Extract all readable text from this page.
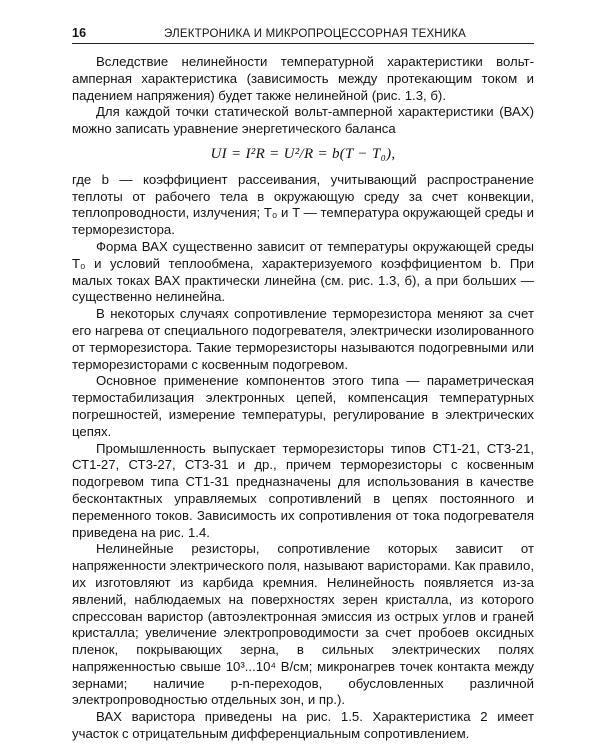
16	ЭЛЕКТРОНИКА И МИКРОПРОЦЕССОРНАЯ ТЕХНИКА

Вследствие нелинейности температурной характеристики вольт-амперная характеристика (зависимость между протекающим током и падением напряжения) будет также нелинейной (рис. 1.3, б).

Для каждой точки статической вольт-амперной характеристики (ВАХ) можно записать уравнение энергетического баланса

UI = I²R = U²/R = b(T − T₀),

где b — коэффициент рассеивания, учитывающий распространение теплоты от рабочего тела в окружающую среду за счет конвекции, теплопроводности, излучения; T₀ и T — температура окружающей среды и терморезистора.

Форма ВАХ существенно зависит от температуры окружающей среды T₀ и условий теплообмена, характеризуемого коэффициентом b. При малых токах ВАХ практически линейна (см. рис. 1.3, б), а при больших — существенно нелинейна.

В некоторых случаях сопротивление терморезистора меняют за счет его нагрева от специального подогревателя, электрически изолированного от терморезистора. Такие терморезисторы называются подогревными или терморезисторами с косвенным подогревом.

Основное применение компонентов этого типа — параметрическая термостабилизация электронных цепей, компенсация температурных погрешностей, измерение температуры, регулирование в электрических цепях.

Промышленность выпускает терморезисторы типов СТ1-21, СТ3-21, СТ1-27, СТ3-27, СТ3-31 и др., причем терморезисторы с косвенным подогревом типа СТ1-31 предназначены для использования в качестве бесконтактных управляемых сопротивлений в цепях постоянного и переменного токов. Зависимость их сопротивления от тока подогревателя приведена на рис. 1.4.

Нелинейные резисторы, сопротивление которых зависит от напряженности электрического поля, называют варисторами. Как правило, их изготовляют из карбида кремния. Нелинейность появляется из-за явлений, наблюдаемых на поверхностях зерен кристалла, из которого спрессован варистор (автоэлектронная эмиссия из острых углов и граней кристалла; увеличение электропроводимости за счет пробоев оксидных пленок, покрывающих зерна, в сильных электрических полях напряженностью свыше 10³...10⁴ В/см; микронагрев точек контакта между зернами; наличие p-n-переходов, обусловленных различной электропроводностью отдельных зон, и пр.).

ВАХ варистора приведены на рис. 1.5. Характеристика 2 имеет участок с отрицательным дифференциальным сопротивлением.
